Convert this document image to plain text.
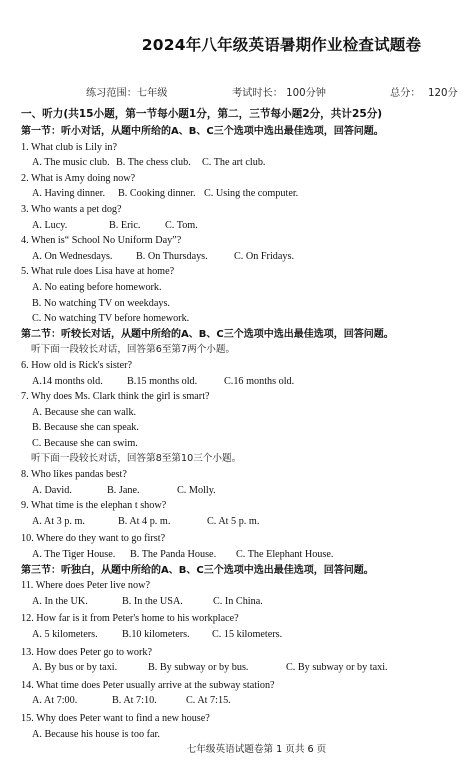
2024年八年级英语暑期作业检查试题卷
练习范围：七年级	考试时长： 100分钟	总分： 120分
一、听力(共15小题，第一节每小题1分，第二，三节每小题2分，共计25分)
第一节：听小对话，从题中所给的A、B、C三个选项中选出最佳选项，回答问题。
1. What club is Lily in?
A. The music club. B. The chess club.	C. The art club.
2. What is Amy doing now?
A. Having dinner.	B. Cooking dinner. C. Using the computer.
3. Who wants a pet dog?
A. Lucy.	B. Eric.	C. Tom.
4. When is“ School No Uniform Day”?
A. On Wednesdays.	B. On Thursdays.	C. On Fridays.
5. What rule does Lisa have at home?
A. No eating before homework.
B. No watching TV on weekdays.
C. No watching TV before homework.
第二节：听较长对话，从题中所给的A、B、C三个选项中选出最佳选项，回答问题。
听下面一段较长对话，回答第6至第7两个小题。
6. How old is Rick's sister?
A.14 months old.	B.15 months old.	C.16 months old.
7. Why does Ms. Clark think the girl is smart?
A. Because she can walk.
B. Because she can speak.
C. Because she can swim.
听下面一段较长对话，回答第8至第10三个小题。
8. Who likes pandas best?
A. David.	B. Jane.	C. Molly.
9. What time is the elephan t show?
A. At 3 p. m.	B. At 4 p. m.	C. At 5 p. m.
10. Where do they want to go first?
A. The Tiger House.	B. The Panda House.	C. The Elephant House.
第三节：听独白，从题中所给的A、B、C三个选项中选出最佳选项，回答问题。
11. Where does Peter live now?
A. In the UK.	B. In the USA.	C. In China.
12. How far is it from Peter's home to his workplace?
A. 5 kilometers.	B.10 kilometers.	C. 15 kilometers.
13. How does Peter go to work?
A. By bus or by taxi.	B. By subway or by bus.	C. By subway or by taxi.
14. What time does Peter usually arrive at the subway station?
A. At 7:00.	B. At 7:10.	C. At 7:15.
15. Why does Peter want to find a new house?
A. Because his house is too far.
七年级英语试题卷第 1 页共 6 页
